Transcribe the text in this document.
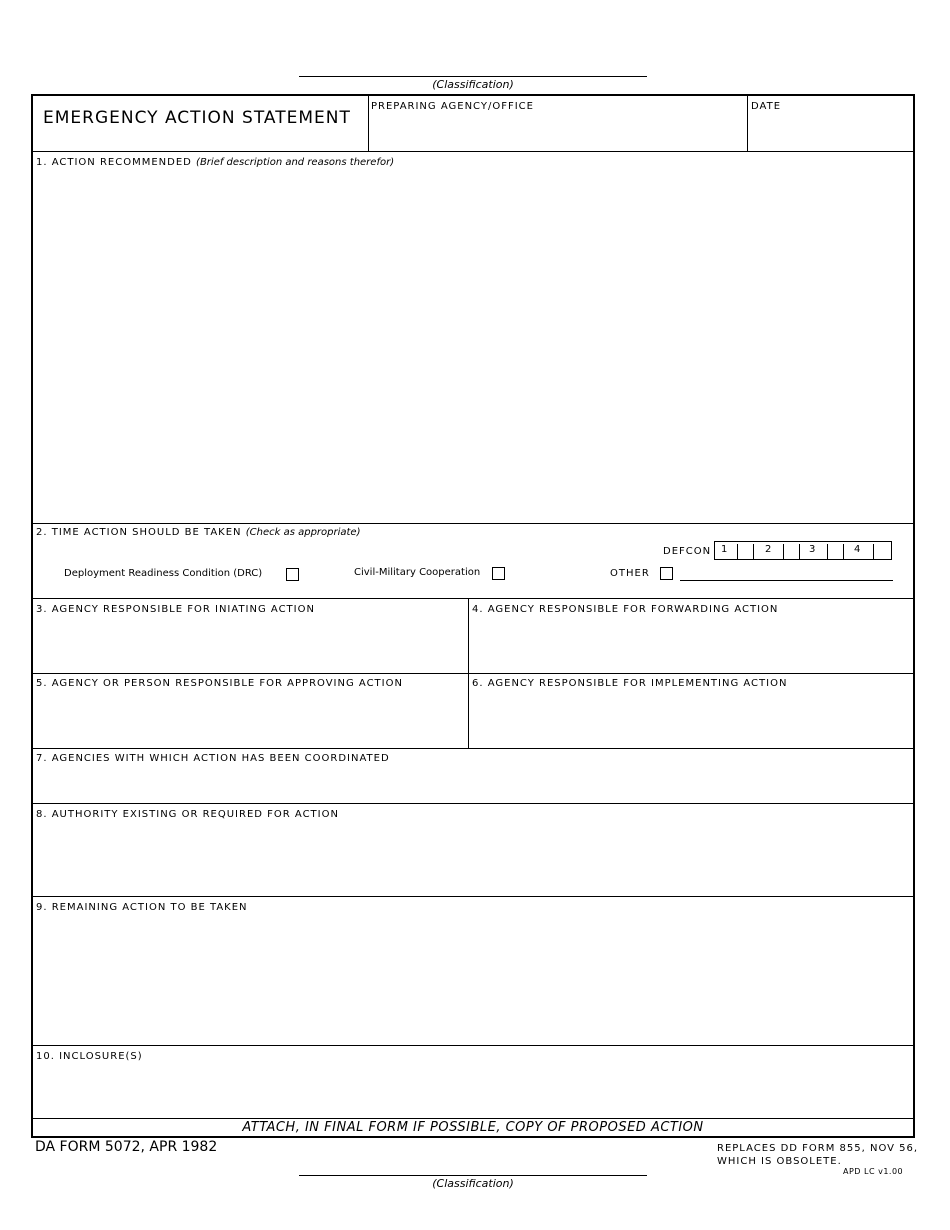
(Classification)
EMERGENCY ACTION STATEMENT
PREPARING AGENCY/OFFICE	DATE
1. ACTION RECOMMENDED (Brief description and reasons therefor)
2. TIME ACTION SHOULD BE TAKEN (Check as appropriate)
DEFCON
Deployment Readiness Condition (DRC)	Civil-Military Cooperation	OTHER
3. AGENCY RESPONSIBLE FOR INIATING ACTION	4. AGENCY RESPONSIBLE FOR FORWARDING ACTION
5. AGENCY OR PERSON RESPONSIBLE FOR APPROVING ACTION	6. AGENCY RESPONSIBLE FOR IMPLEMENTING ACTION
7. AGENCIES WITH WHICH ACTION HAS BEEN COORDINATED
8. AUTHORITY EXISTING OR REQUIRED FOR ACTION
9. REMAINING ACTION TO BE TAKEN
10. INCLOSURE(S)
ATTACH, IN FINAL FORM IF POSSIBLE, COPY OF PROPOSED ACTION
1	2	3	4
DA FORM 5072, APR 1982	REPLACES DD FORM 855, NOV 56,
WHICH IS OBSOLETE.
APD LC v1.00
(Classification)
